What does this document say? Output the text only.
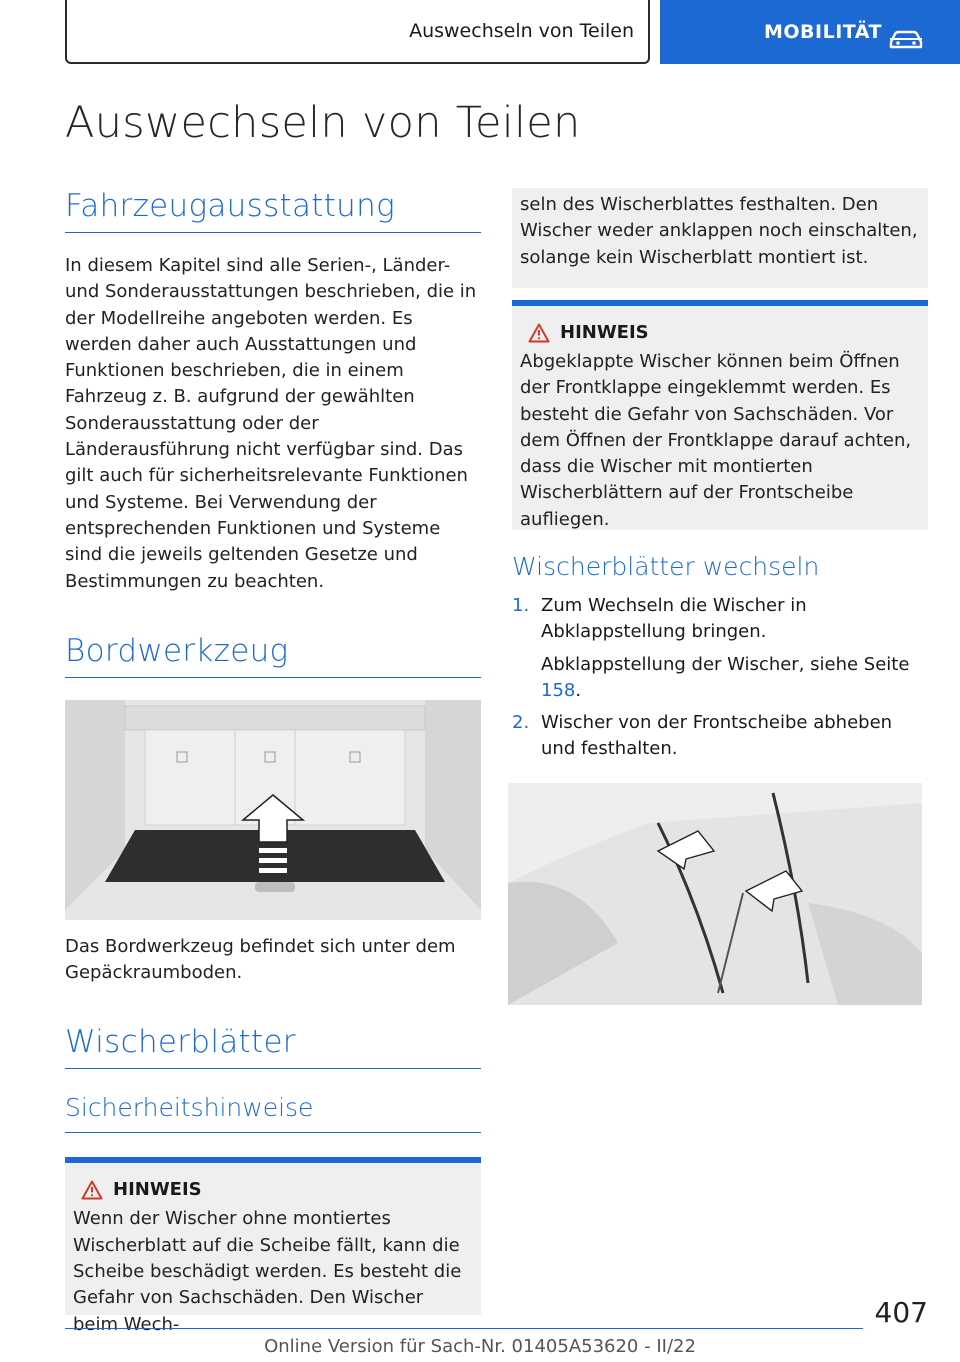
Auswechseln von Teilen	MOBILITÄT
Auswechseln von Teilen
Fahrzeugausstattung

In diesem Kapitel sind alle Serien-, Länder- und Sonderausstattungen beschrieben, die in der Modellreihe angeboten werden. Es werden daher auch Ausstattungen und Funktionen beschrieben, die in einem Fahrzeug z. B. aufgrund der gewählten Sonderausstattung oder der Länderausführung nicht verfügbar sind. Das gilt auch für sicherheitsrelevante Funktionen und Systeme. Bei Verwendung der entsprechenden Funktionen und Systeme sind die jeweils geltenden Gesetze und Bestimmungen zu beachten.

Bordwerkzeug

Das Bordwerkzeug befindet sich unter dem Gepäckraumboden.

Wischerblätter
Sicherheitshinweise
HINWEIS

Wenn der Wischer ohne montiertes Wischerblatt auf die Scheibe fällt, kann die Scheibe beschädigt werden. Es besteht die Gefahr von Sachschäden. Den Wischer beim Wech-

seln des Wischerblattes festhalten. Den Wischer weder anklappen noch einschalten, solange kein Wischerblatt montiert ist.

HINWEIS

Abgeklappte Wischer können beim Öffnen der Frontklappe eingeklemmt werden. Es besteht die Gefahr von Sachschäden. Vor dem Öffnen der Frontklappe darauf achten, dass die Wischer mit montierten Wischerblättern auf der Frontscheibe aufliegen.

Wischerblätter wechseln
1. Zum Wechseln die Wischer in Abklappstellung bringen.

Abklappstellung der Wischer, siehe Seite 158.

2. Wischer von der Frontscheibe abheben und festhalten.

407
Online Version für Sach-Nr. 01405A53620 - II/22
